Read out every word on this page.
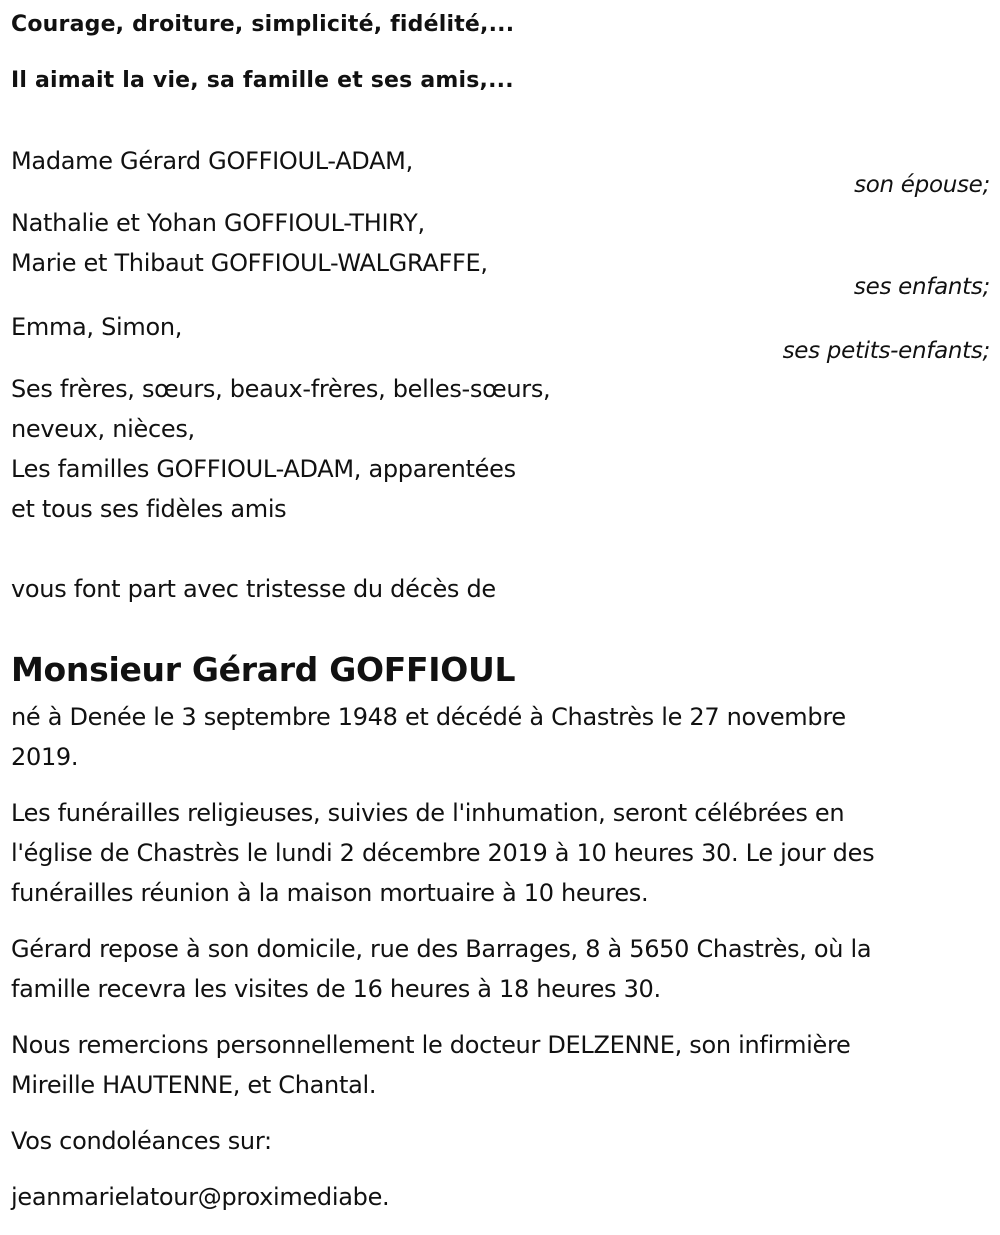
Courage, droiture, simplicité, fidélité,...
Il aimait la vie, sa famille et ses amis,...
Madame Gérard GOFFIOUL-ADAM,
son épouse;
Nathalie et Yohan GOFFIOUL-THIRY,
Marie et Thibaut GOFFIOUL-WALGRAFFE,
ses enfants;
Emma, Simon,
ses petits-enfants;
Ses frères, sœurs, beaux-frères, belles-sœurs,
neveux, nièces,
Les familles GOFFIOUL-ADAM, apparentées
et tous ses fidèles amis
vous font part avec tristesse du décès de
Monsieur Gérard GOFFIOUL
né à Denée le 3 septembre 1948 et décédé à Chastrès le 27 novembre
2019.
Les funérailles religieuses, suivies de l'inhumation, seront célébrées en
l'église de Chastrès le lundi 2 décembre 2019 à 10 heures 30. Le jour des
funérailles réunion à la maison mortuaire à 10 heures.
Gérard repose à son domicile, rue des Barrages, 8 à 5650 Chastrès, où la
famille recevra les visites de 16 heures à 18 heures 30.
Nous remercions personnellement le docteur DELZENNE, son infirmière
Mireille HAUTENNE, et Chantal.
Vos condoléances sur:
jeanmarielatour@proximediabe.
